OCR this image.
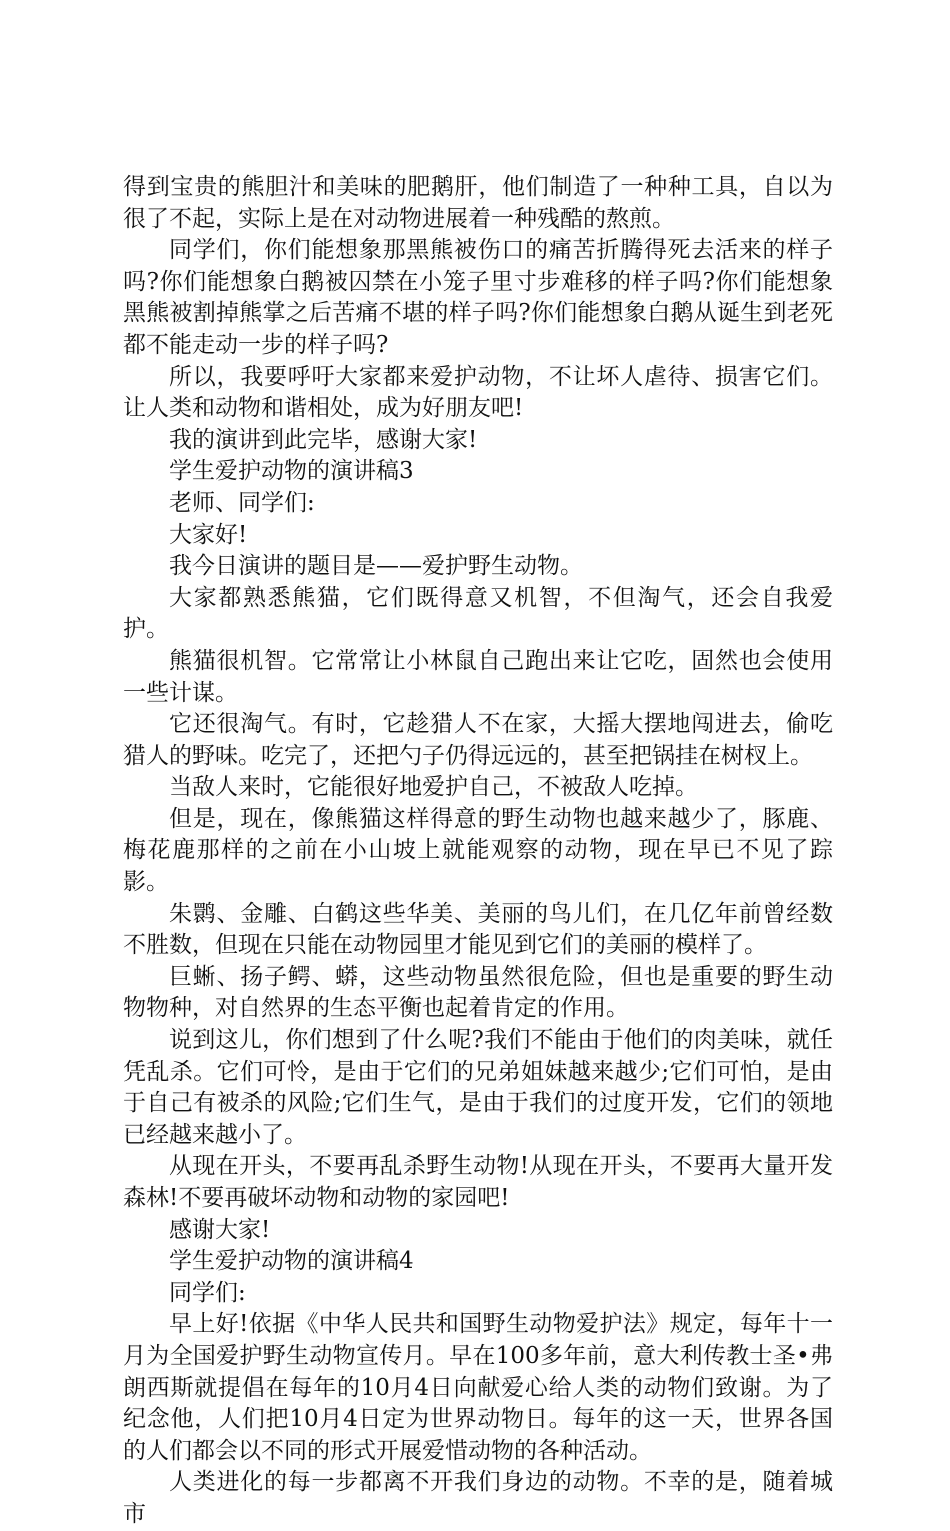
得到宝贵的熊胆汁和美味的肥鹅肝，他们制造了一种种工具，自以为很了不起，实际上是在对动物进展着一种残酷的熬煎。

同学们，你们能想象那黑熊被伤口的痛苦折腾得死去活来的样子吗?你们能想象白鹅被囚禁在小笼子里寸步难移的样子吗?你们能想象黑熊被割掉熊掌之后苦痛不堪的样子吗?你们能想象白鹅从诞生到老死都不能走动一步的样子吗?

所以，我要呼吁大家都来爱护动物，不让坏人虐待、损害它们。让人类和动物和谐相处，成为好朋友吧!

我的演讲到此完毕，感谢大家!

学生爱护动物的演讲稿3

老师、同学们:

大家好!

我今日演讲的题目是——爱护野生动物。

大家都熟悉熊猫，它们既得意又机智，不但淘气，还会自我爱护。

熊猫很机智。它常常让小林鼠自己跑出来让它吃，固然也会使用一些计谋。

它还很淘气。有时，它趁猎人不在家，大摇大摆地闯进去，偷吃猎人的野味。吃完了，还把勺子仍得远远的，甚至把锅挂在树杈上。

当敌人来时，它能很好地爱护自己，不被敌人吃掉。

但是，现在，像熊猫这样得意的野生动物也越来越少了，豚鹿、梅花鹿那样的之前在小山坡上就能观察的动物，现在早已不见了踪影。

朱鹮、金雕、白鹤这些华美、美丽的鸟儿们，在几亿年前曾经数不胜数，但现在只能在动物园里才能见到它们的美丽的模样了。

巨蜥、扬子鳄、蟒，这些动物虽然很危险，但也是重要的野生动物物种，对自然界的生态平衡也起着肯定的作用。

说到这儿，你们想到了什么呢?我们不能由于他们的肉美味，就任凭乱杀。它们可怜，是由于它们的兄弟姐妹越来越少;它们可怕，是由于自己有被杀的风险;它们生气，是由于我们的过度开发，它们的领地已经越来越小了。

从现在开头，不要再乱杀野生动物!从现在开头，不要再大量开发森林!不要再破坏动物和动物的家园吧!

感谢大家!

学生爱护动物的演讲稿4

同学们:

早上好!依据《中华人民共和国野生动物爱护法》规定，每年十一月为全国爱护野生动物宣传月。早在100多年前，意大利传教士圣•弗朗西斯就提倡在每年的10月4日向献爱心给人类的动物们致谢。为了纪念他，人们把10月4日定为世界动物日。每年的这一天，世界各国的人们都会以不同的形式开展爱惜动物的各种活动。

人类进化的每一步都离不开我们身边的动物。不幸的是，随着城市
